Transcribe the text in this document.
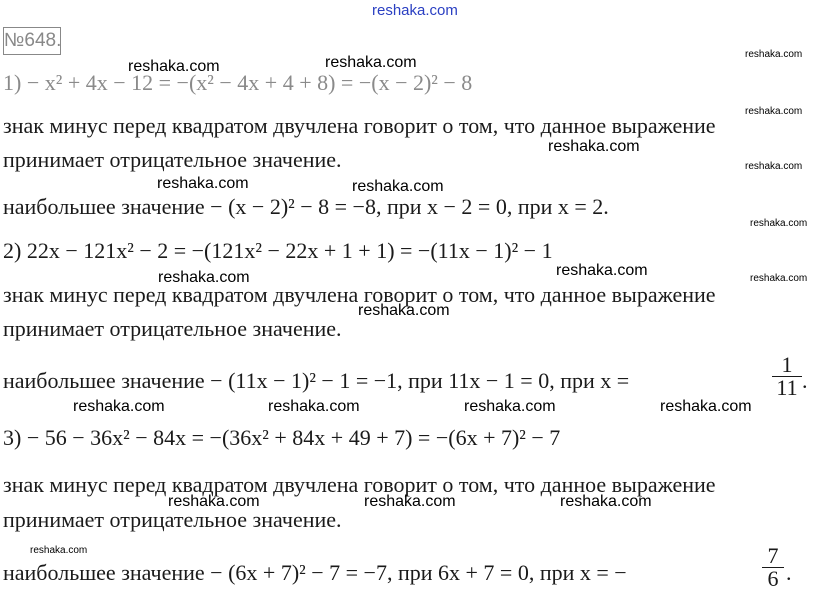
reshaka.com
№648.
1) − x² + 4x − 12 = −(x² − 4x + 4 + 8) = −(x − 2)² − 8
знак минус перед квадратом двучлена говорит о том, что данное выражение
принимает отрицательное значение.
наибольшее значение − (x − 2)² − 8 = −8, при x − 2 = 0, при x = 2.
2) 22x − 121x² − 2 = −(121x² − 22x + 1 + 1) = −(11x − 1)² − 1
знак минус перед квадратом двучлена говорит о том, что данное выражение
принимает отрицательное значение.
наибольшее значение − (11x − 1)² − 1 = −1, при 11x − 1 = 0, при x =	$\frac{1}{11}$ .
3) − 56 − 36x² − 84x = −(36x² + 84x + 49 + 7) = −(6x + 7)² − 7
знак минус перед квадратом двучлена говорит о том, что данное выражение
принимает отрицательное значение.
наибольшее значение − (6x + 7)² − 7 = −7, при 6x + 7 = 0, при x = −	$\frac{7}{6}$ .
reshaka.com	reshaka.com
reshaka.com
reshaka.com	reshaka.com
reshaka.com	reshaka.com
reshaka.com
reshaka.com	reshaka.com	reshaka.com	reshaka.com
reshaka.com	reshaka.com	reshaka.com
reshaka.com
reshaka.com
reshaka.com
reshaka.com
reshaka.com
reshaka.com
